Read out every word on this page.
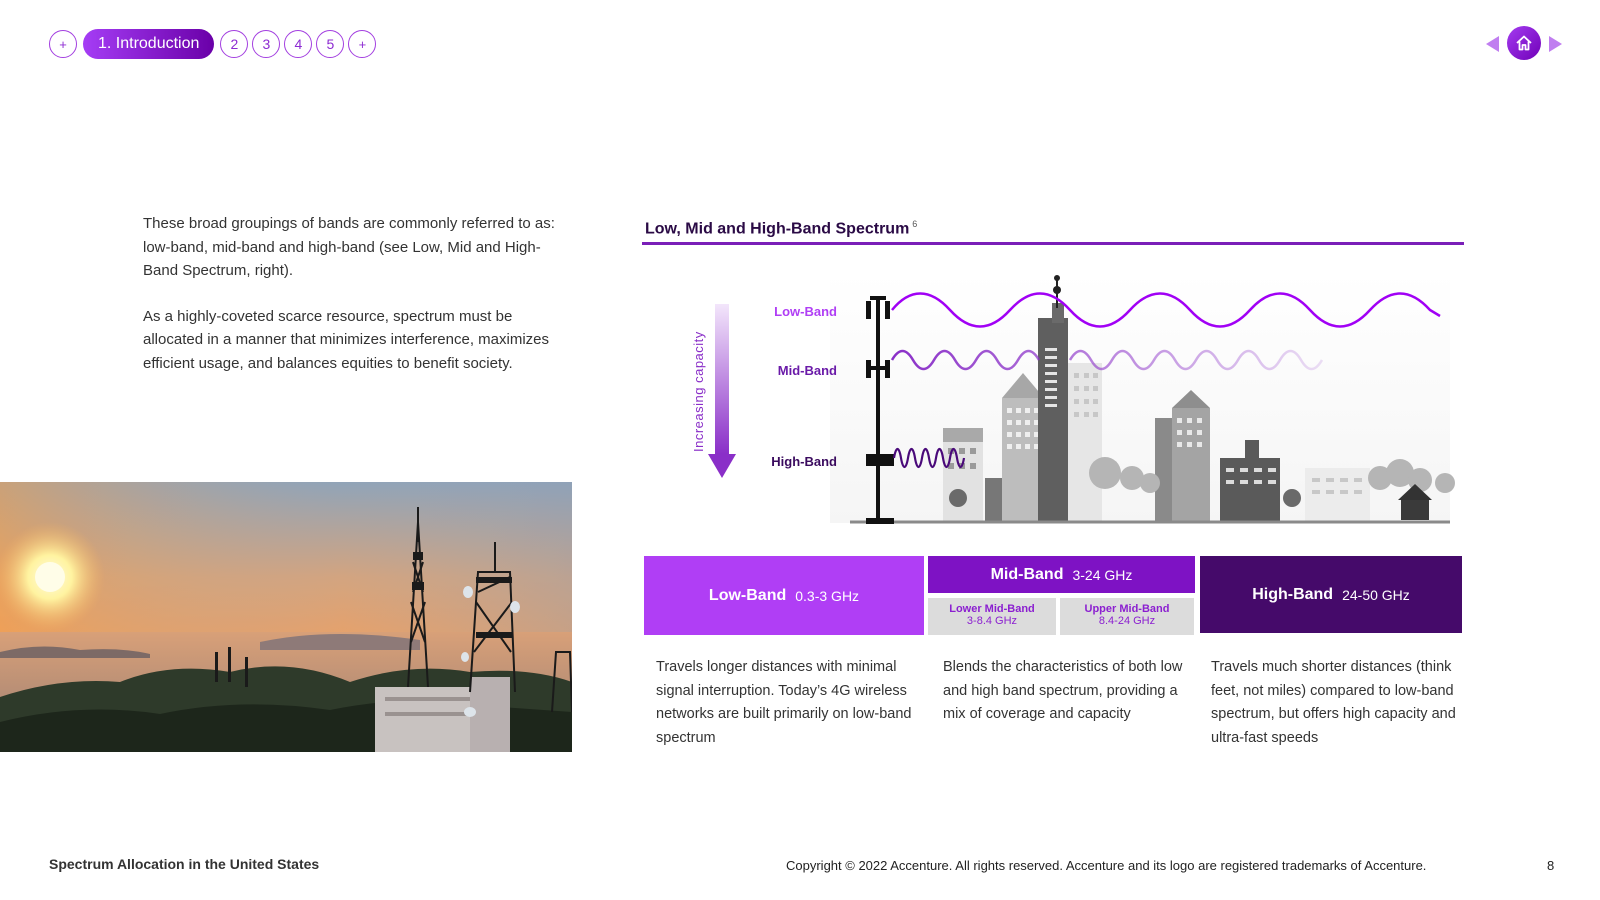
+	1. Introduction	2	3	4	5	+

These broad groupings of bands are commonly referred to as: low-band, mid-band and high-band (see Low, Mid and High-Band Spectrum, right).

As a highly-coveted scarce resource, spectrum must be allocated in a manner that minimizes interference, maximizes efficient usage, and balances equities to benefit society.

Low, Mid and High-Band Spectrum $^6$
Increasing capacity
Low-Band
Mid-Band
High-Band
Low-Band 0.3-3 GHz
Mid-Band 3-24 GHz
Lower Mid-Band
3-8.4 GHz
Upper Mid-Band
8.4-24 GHz
High-Band 24-50 GHz
Travels longer distances with minimal signal interruption. Today’s 4G wireless networks are built primarily on low-band spectrum
Blends the characteristics of both low and high band spectrum, providing a mix of coverage and capacity
Travels much shorter distances (think feet, not miles) compared to low-band spectrum, but offers high capacity and ultra-fast speeds
Spectrum Allocation in the United States	Copyright © 2022 Accenture. All rights reserved. Accenture and its logo are registered trademarks of Accenture.	8
